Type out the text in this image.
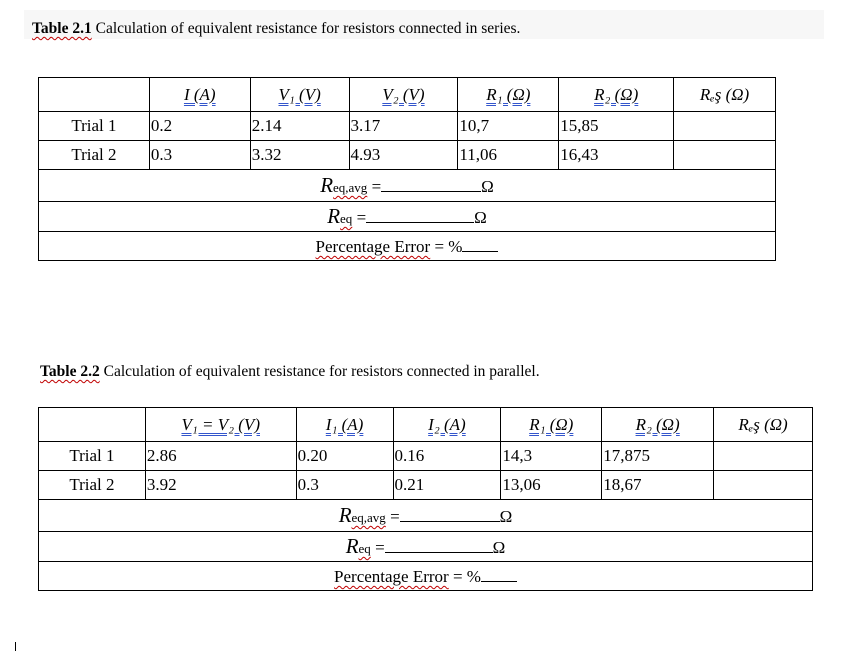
Table 2.1 Calculation of equivalent resistance for resistors connected in series.
	I (A)	V₁ (V)	V₂ (V)	R₁ (Ω)	R₂ (Ω)	Rₑş (Ω)
Trial 1	0.2	2.14	3.17	10,7	15,85	
Trial 2	0.3	3.32	4.93	11,06	16,43	
Req,avg = Ω						
Req = Ω						
Percentage Error = %						
Table 2.2 Calculation of equivalent resistance for resistors connected in parallel.
	V₁ = V₂ (V)	I₁ (A)	I₂ (A)	R₁ (Ω)	R₂ (Ω)	Rₑş (Ω)
Trial 1	2.86	0.20	0.16	14,3	17,875	
Trial 2	3.92	0.3	0.21	13,06	18,67	
Req,avg = Ω						
Req = Ω						
Percentage Error = %						
